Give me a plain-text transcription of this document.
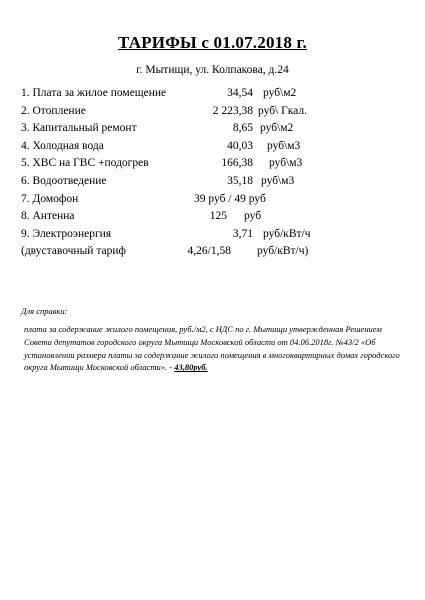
ТАРИФЫ с 01.07.2018 г.
г. Мытищи, ул. Колпакова, д.24
1. Плата за жилое помещение	34,54 руб\м2
2. Отопление	2 223,38 руб\ Гкал.
3. Капитальный ремонт	8,65 руб\м2
4. Холодная вода	40,03 руб\м3
5. ХВС на ГВС +подогрев	166,38 руб\м3
6. Водоотведение	35,18 руб\м3
7. Домофон	39 руб / 49 руб
8. Антенна	125 руб
9. Электроэнергия	3,71 руб/кВт/ч
(двуставочный тариф	4,26/1,58 руб/кВт/ч)
Для справки:
плата за содержание жилого помещения, руб./м2, с НДС по г. Мытищи утвержденная Решением Совета депутатов городского округа Мытищи Московской области от 04.06.2018г. №43/2 «Об установлении размера платы за содержание жилого помещения в многоквартирных домах городского округа Мытищи Московской области». - 43,80руб.
